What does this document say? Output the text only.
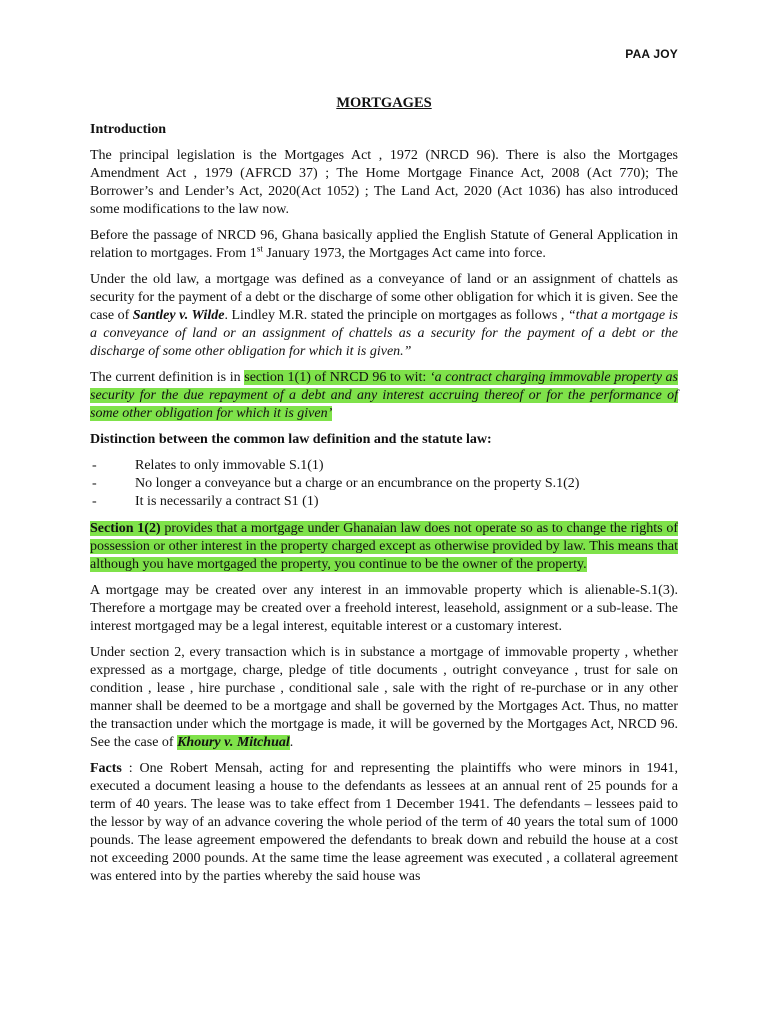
PAA JOY
MORTGAGES
Introduction

The principal legislation is the Mortgages Act , 1972 (NRCD 96). There is also the Mortgages Amendment Act , 1979 (AFRCD 37) ; The Home Mortgage Finance Act, 2008 (Act 770); The Borrower’s and Lender’s Act, 2020(Act 1052) ; The Land Act, 2020 (Act 1036) has also introduced some modifications to the law now.

Before the passage of NRCD 96, Ghana basically applied the English Statute of General Application in relation to mortgages. From 1st January 1973, the Mortgages Act came into force.

Under the old law, a mortgage was defined as a conveyance of land or an assignment of chattels as security for the payment of a debt or the discharge of some other obligation for which it is given. See the case of Santley v. Wilde. Lindley M.R. stated the principle on mortgages as follows , “that a mortgage is a conveyance of land or an assignment of chattels as a security for the payment of a debt or the discharge of some other obligation for which it is given.”

The current definition is in section 1(1) of NRCD 96 to wit: ‘a contract charging immovable property as security for the due repayment of a debt and any interest accruing thereof or for the performance of some other obligation for which it is given’

Distinction between the common law definition and the statute law:
- Relates to only immovable S.1(1)
- No longer a conveyance but a charge or an encumbrance on the property S.1(2)
- It is necessarily a contract S1 (1)

Section 1(2) provides that a mortgage under Ghanaian law does not operate so as to change the rights of possession or other interest in the property charged except as otherwise provided by law. This means that although you have mortgaged the property, you continue to be the owner of the property.

A mortgage may be created over any interest in an immovable property which is alienable-S.1(3). Therefore a mortgage may be created over a freehold interest, leasehold, assignment or a sub-lease. The interest mortgaged may be a legal interest, equitable interest or a customary interest.

Under section 2, every transaction which is in substance a mortgage of immovable property , whether expressed as a mortgage, charge, pledge of title documents , outright conveyance , trust for sale on condition , lease , hire purchase , conditional sale , sale with the right of re-purchase or in any other manner shall be deemed to be a mortgage and shall be governed by the Mortgages Act. Thus, no matter the transaction under which the mortgage is made, it will be governed by the Mortgages Act, NRCD 96. See the case of Khoury v. Mitchual.

Facts : One Robert Mensah, acting for and representing the plaintiffs who were minors in 1941, executed a document leasing a house to the defendants as lessees at an annual rent of 25 pounds for a term of 40 years. The lease was to take effect from 1 December 1941. The defendants – lessees paid to the lessor by way of an advance covering the whole period of the term of 40 years the total sum of 1000 pounds. The lease agreement empowered the defendants to break down and rebuild the house at a cost not exceeding 2000 pounds. At the same time the lease agreement was executed , a collateral agreement was entered into by the parties whereby the said house was
